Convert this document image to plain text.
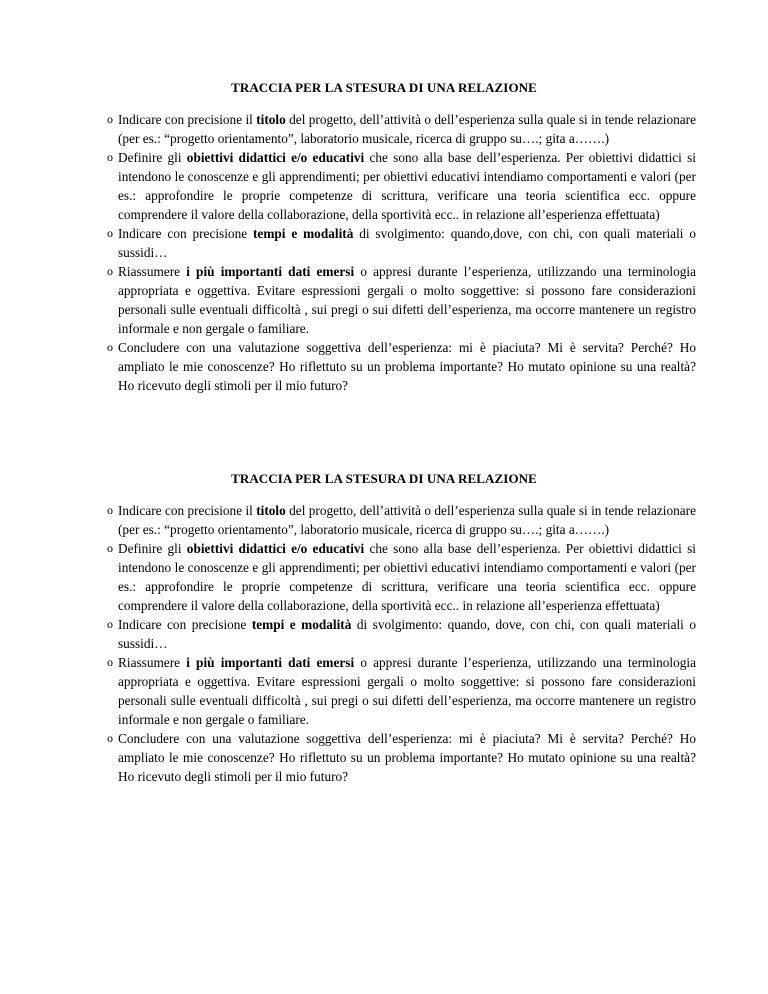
TRACCIA PER LA STESURA DI UNA RELAZIONE
o Indicare con precisione il titolo del progetto, dell’attività o dell’esperienza sulla quale si in tende relazionare (per es.: “progetto orientamento”, laboratorio musicale, ricerca di gruppo su….; gita a…….)
o Definire gli obiettivi didattici e/o educativi che sono alla base dell’esperienza. Per obiettivi didattici si intendono le conoscenze e gli apprendimenti; per obiettivi educativi intendiamo comportamenti e valori (per es.: approfondire le proprie competenze di scrittura, verificare una teoria scientifica ecc. oppure comprendere il valore della collaborazione, della sportività ecc.. in relazione all’esperienza effettuata)
o Indicare con precisione tempi e modalità di svolgimento: quando,dove, con chi, con quali materiali o sussidi…
o Riassumere i più importanti dati emersi o appresi durante l’esperienza, utilizzando una terminologia appropriata e oggettiva. Evitare espressioni gergali o molto soggettive: si possono fare considerazioni personali sulle eventuali difficoltà , sui pregi o sui difetti dell’esperienza, ma occorre mantenere un registro informale e non gergale o familiare.
o Concludere con una valutazione soggettiva dell’esperienza: mi è piaciuta? Mi è servita? Perché? Ho ampliato le mie conoscenze? Ho riflettuto su un problema importante? Ho mutato opinione su una realtà? Ho ricevuto degli stimoli per il mio futuro?
TRACCIA PER LA STESURA DI UNA RELAZIONE
o Indicare con precisione il titolo del progetto, dell’attività o dell’esperienza sulla quale si in tende relazionare (per es.: “progetto orientamento”, laboratorio musicale, ricerca di gruppo su….; gita a…….)
o Definire gli obiettivi didattici e/o educativi che sono alla base dell’esperienza. Per obiettivi didattici si intendono le conoscenze e gli apprendimenti; per obiettivi educativi intendiamo comportamenti e valori (per es.: approfondire le proprie competenze di scrittura, verificare una teoria scientifica ecc. oppure comprendere il valore della collaborazione, della sportività ecc.. in relazione all’esperienza effettuata)
o Indicare con precisione tempi e modalità di svolgimento: quando, dove, con chi, con quali materiali o sussidi…
o Riassumere i più importanti dati emersi o appresi durante l’esperienza, utilizzando una terminologia appropriata e oggettiva. Evitare espressioni gergali o molto soggettive: si possono fare considerazioni personali sulle eventuali difficoltà , sui pregi o sui difetti dell’esperienza, ma occorre mantenere un registro informale e non gergale o familiare.
o Concludere con una valutazione soggettiva dell’esperienza: mi è piaciuta? Mi è servita? Perché? Ho ampliato le mie conoscenze? Ho riflettuto su un problema importante? Ho mutato opinione su una realtà? Ho ricevuto degli stimoli per il mio futuro?
